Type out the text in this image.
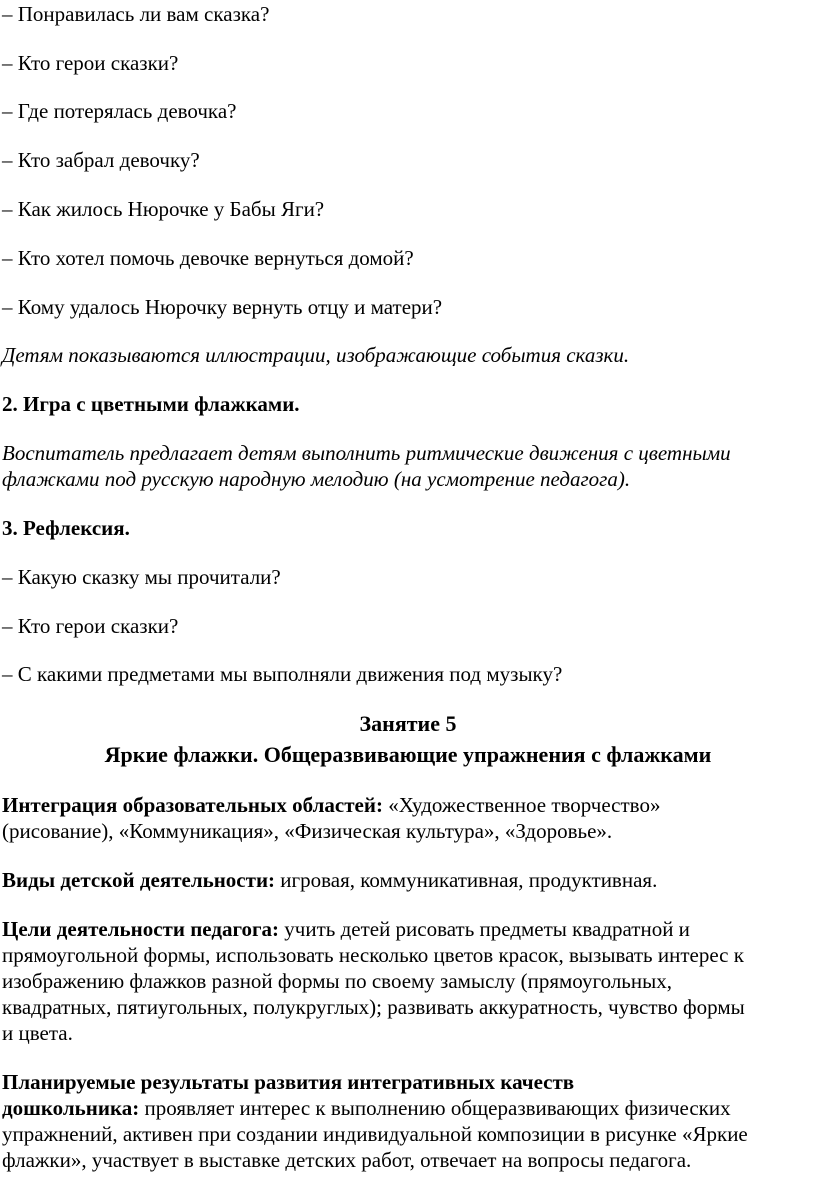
– Понравилась ли вам сказка?
– Кто герои сказки?
– Где потерялась девочка?
– Кто забрал девочку?
– Как жилось Нюрочке у Бабы Яги?
– Кто хотел помочь девочке вернуться домой?
– Кому удалось Нюрочку вернуть отцу и матери?
Детям показываются иллюстрации, изображающие события сказки.
2. Игра с цветными флажками.
Воспитатель предлагает детям выполнить ритмические движения с цветными
флажками под русскую народную мелодию (на усмотрение педагога).
3. Рефлексия.
– Какую сказку мы прочитали?
– Кто герои сказки?
– С какими предметами мы выполняли движения под музыку?
Занятие 5
Яркие флажки. Общеразвивающие упражнения с флажками
Интеграция образовательных областей: «Художественное творчество»
(рисование), «Коммуникация», «Физическая культура», «Здоровье».
Виды детской деятельности: игровая, коммуникативная, продуктивная.
Цели деятельности педагога: учить детей рисовать предметы квадратной и
прямоугольной формы, использовать несколько цветов красок, вызывать интерес к
изображению флажков разной формы по своему замыслу (прямоугольных,
квадратных, пятиугольных, полукруглых); развивать аккуратность, чувство формы
и цвета.
Планируемые результаты развития интегративных качеств
дошкольника: проявляет интерес к выполнению общеразвивающих физических
упражнений, активен при создании индивидуальной композиции в рисунке «Яркие
флажки», участвует в выставке детских работ, отвечает на вопросы педагога.
